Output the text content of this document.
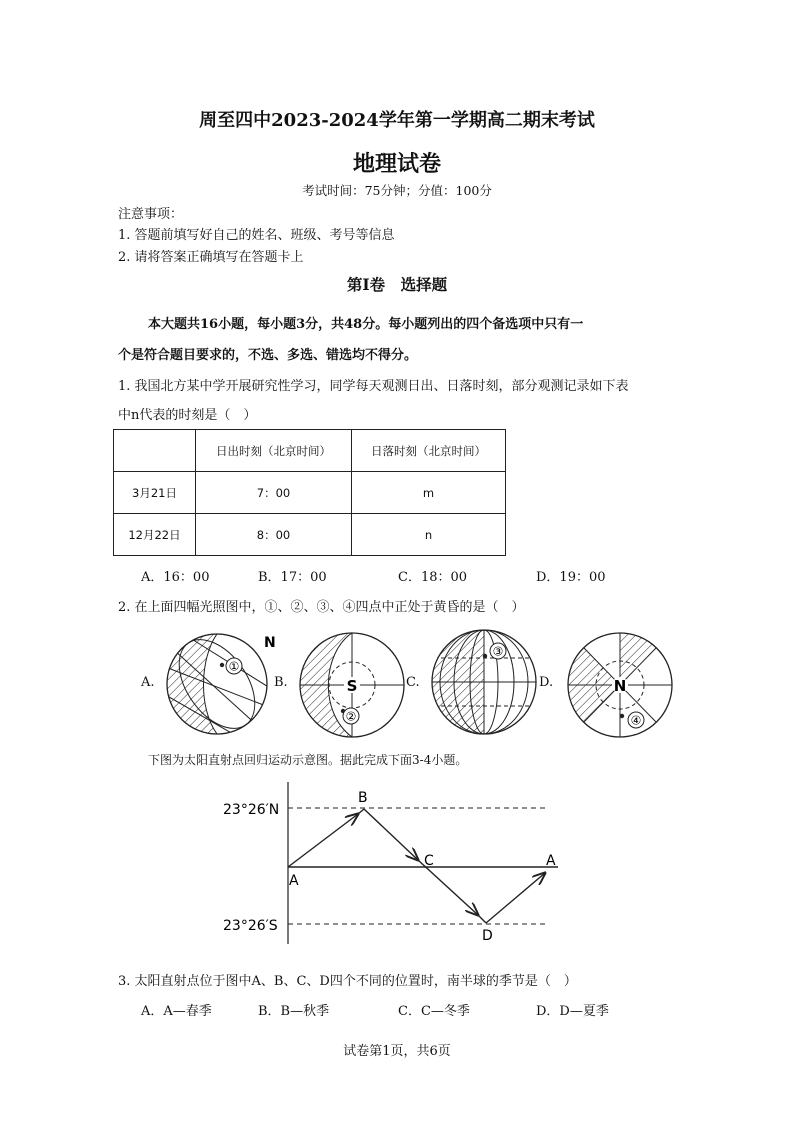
周至四中2023-2024学年第一学期高二期末考试
地理试卷
考试时间：75分钟；分值：100分
注意事项：
1. 答题前填写好自己的姓名、班级、考号等信息
2. 请将答案正确填写在答题卡上
第Ⅰ卷　选择题
本大题共16小题，每小题3分，共48分。每小题列出的四个备选项中只有一
个是符合题目要求的，不选、多选、错选均不得分。
1. 我国北方某中学开展研究性学习，同学每天观测日出、日落时刻，部分观测记录如下表
中n代表的时刻是（　）
	日出时刻（北京时间）	日落时刻（北京时间）
3月21日	7：00	m
12月22日	8：00	n
A．16：00	B．17：00	C．18：00	D．19：00
2. 在上面四幅光照图中，①、②、③、④四点中正处于黄昏的是（　）
A.	B.	C.	D.
①
N
S
②
˘ ˘
③
N
④
下图为太阳直射点回归运动示意图。据此完成下面3-4小题。
23°26′N
23°26′S
A
B
C
D
A
3. 太阳直射点位于图中A、B、C、D四个不同的位置时，南半球的季节是（　）
A．A—春季	B．B—秋季	C．C—冬季	D．D—夏季
试卷第1页，共6页
